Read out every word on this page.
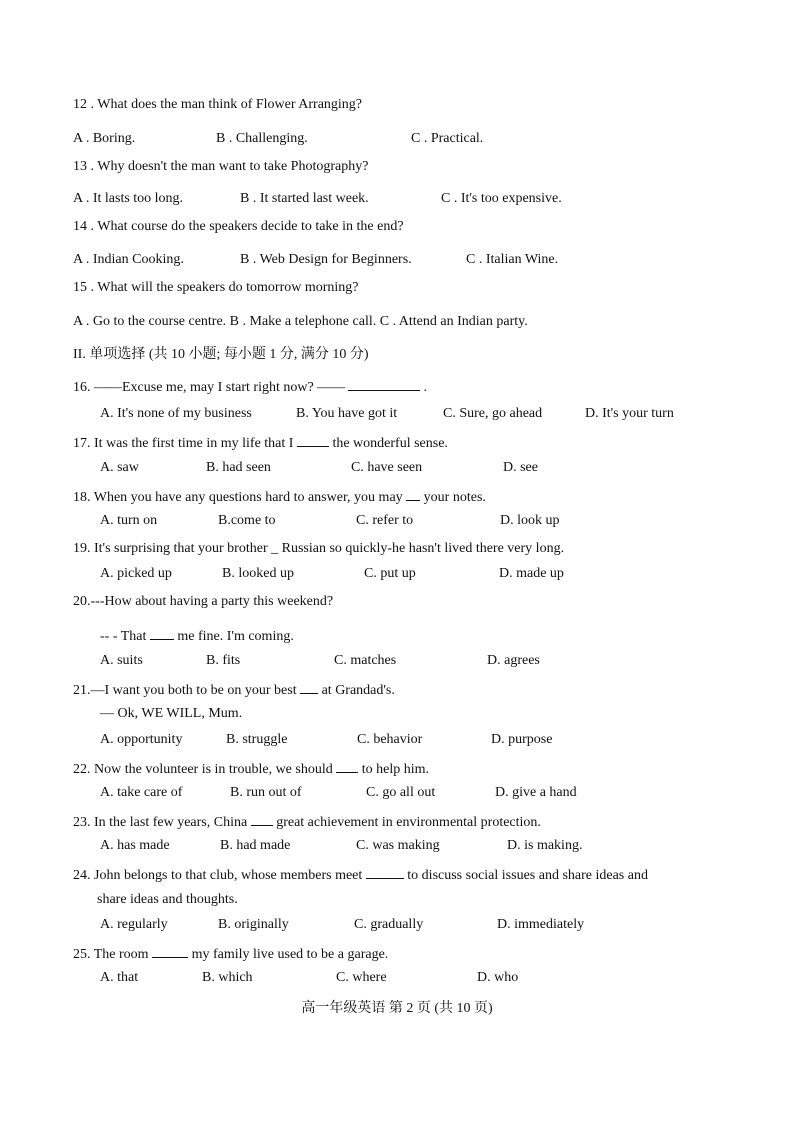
12 . What does the man think of Flower Arranging?
A . Boring.	B . Challenging.	C . Practical.
13 . Why doesn't the man want to take Photography?
A . It lasts too long.	B . It started last week.	C . It's too expensive.
14 . What course do the speakers decide to take in the end?
A . Indian Cooking.	B . Web Design for Beginners.	C . Italian Wine.
15 . What will the speakers do tomorrow morning?
A . Go to the course centre. B . Make a telephone call. C . Attend an Indian party.
II. 单项选择 (共 10 小题; 每小题 1 分, 满分 10 分)
16. ——Excuse me, may I start right now? ——	.
A. It's none of my business	B. You have got it	C. Sure, go ahead	D. It's your turn
17. It was the first time in my life that I  the wonderful sense.
A. saw	B. had seen	C. have seen	D. see
18. When you have any questions hard to answer, you may  your notes.
A. turn on	B.come to	C. refer to	D. look up
19. It's surprising that your brother _ Russian so quickly-he hasn't lived there very long.
A. picked up	B. looked up	C. put up	D. made up
20.---How about having a party this weekend?
-- - That  me fine. I'm coming.
A. suits	B. fits	C. matches	D. agrees
21.—I want you both to be on your best  at Grandad's.
— Ok, WE WILL, Mum.
A. opportunity	B. struggle	C. behavior	D. purpose
22. Now the volunteer is in trouble, we should  to help him.
A. take care of	B. run out of	C. go all out	D. give a hand
23. In the last few years, China  great achievement in environmental protection.
A. has made	B. had made	C. was making	D. is making.
24. John belongs to that club, whose members meet	to discuss social issues and share ideas and
share ideas and thoughts.
A. regularly	B. originally	C. gradually	D. immediately
25. The room	my family live used to be a garage.
A. that	B. which	C. where	D. who
高一年级英语 第 2 页 (共 10 页)
